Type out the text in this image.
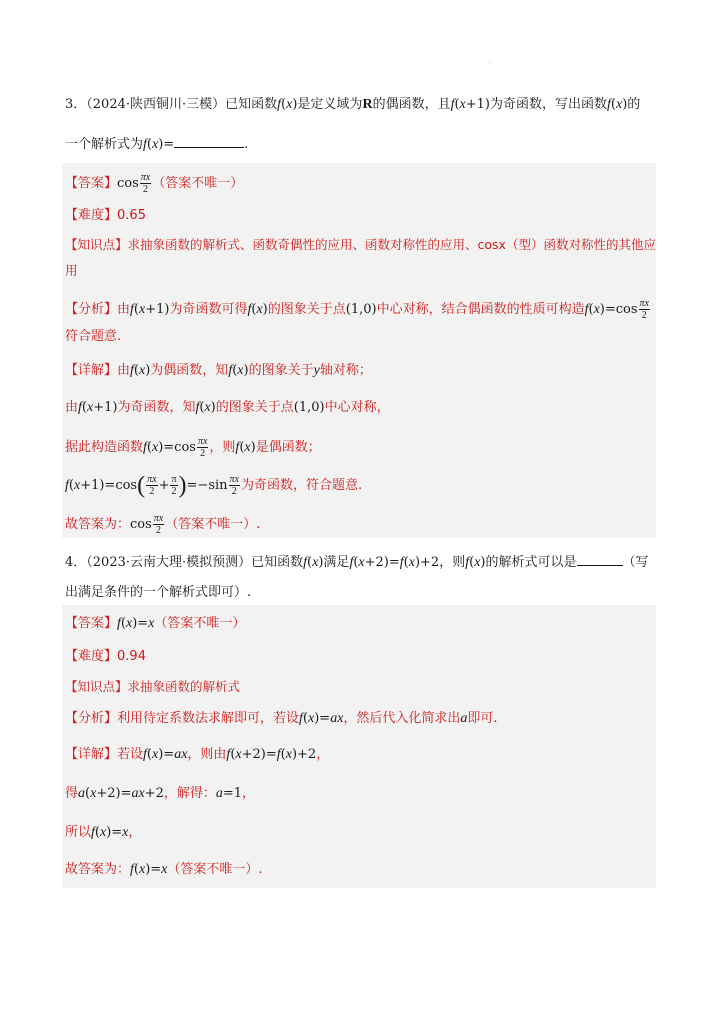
3．（2024·陕西铜川·三模）已知函数f(x)是定义域为R的偶函数，且f(x+1)为奇函数，写出函数f(x)的
一个解析式为f(x)=	.
【答案】$\cos \frac{\pi x}{2}$ （答案不唯一）
【难度】0.65
【知识点】求抽象函数的解析式、函数奇偶性的应用、函数对称性的应用、cosx（型）函数对称性的其他应
用
【分析】由f(x+1)为奇函数可得f(x)的图象关于点(1,0)中心对称，结合偶函数的性质可构造$f(x)=\cos \frac{\pi x}{2}$
符合题意.
【详解】由f(x)为偶函数，知f(x)的图象关于y轴对称；
由f(x+1)为奇函数，知f(x)的图象关于点(1,0)中心对称，
据此构造函数$f(x)=\cos \frac{\pi x}{2}$ ，则f(x)是偶函数；
$f(x+1)=\cos( \frac{\pi x}{2} + \frac{\pi}{2} )=-\sin \frac{\pi x}{2}$ 为奇函数，符合题意.
故答案为：$\cos \frac{\pi x}{2}$ （答案不唯一）.
4．（2023·云南大理·模拟预测）已知函数f(x)满足f(x+2)=f(x)+2，则f(x)的解析式可以是	（写
出满足条件的一个解析式即可）.
【答案】f(x)=x（答案不唯一）
【难度】0.94
【知识点】求抽象函数的解析式
【分析】利用待定系数法求解即可，若设f(x)=ax，然后代入化简求出a即可.
【详解】若设f(x)=ax，则由f(x+2)=f(x)+2，
得a(x+2)=ax+2，解得：a=1，
所以f(x)=x，
故答案为：f(x)=x（答案不唯一）.
